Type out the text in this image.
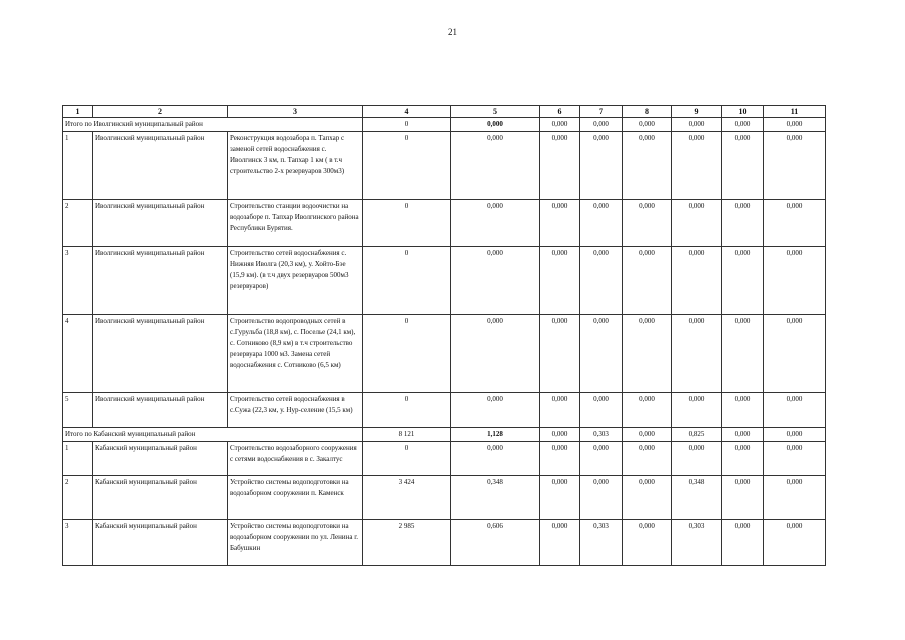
21
1	2	3	4	5	6	7	8	9	10	11
Итого по Иволгинский муниципальный район			0	0,000	0,000	0,000	0,000	0,000	0,000	0,000
1	Иволгинский муниципальный район	Реконструкция водозабора п. Тапхар с заменой сетей водоснабжения с. Иволгинск 3 км, п. Тапхар 1 км ( в т.ч строительство 2-х резервуаров 300м3)	0	0,000	0,000	0,000	0,000	0,000	0,000	0,000
2	Иволгинский муниципальный район	Строительство станции водоочистки на водозаборе п. Тапхар Иволгинского района Республики Бурятия.	0	0,000	0,000	0,000	0,000	0,000	0,000	0,000
3	Иволгинский муниципальный район	Строительство сетей водоснабжения с. Нижняя Иволга (20,3 км), у. Хойто-Бэе (15,9 км). (в т.ч двух резервуаров 500м3 резервуаров)	0	0,000	0,000	0,000	0,000	0,000	0,000	0,000
4	Иволгинский муниципальный район	Строительство водопроводных сетей в с.Гурульба (18,8 км), с. Поселье (24,1 км), с. Сотниково (8,9 км) в т.ч строительство резервуара 1000 м3. Замена сетей водоснабжения с. Сотниково (6,5 км)	0	0,000	0,000	0,000	0,000	0,000	0,000	0,000
5	Иволгинский муниципальный район	Строительство сетей водоснабжения в с.Сужа (22,3 км, у. Нур-селение (15,5 км)	0	0,000	0,000	0,000	0,000	0,000	0,000	0,000
Итого по Кабанский муниципальный район			8 121	1,128	0,000	0,303	0,000	0,825	0,000	0,000
1	Кабанский муниципальный район	Строительство водозаборного сооружения с сетями водоснабжения в с. Закалтус	0	0,000	0,000	0,000	0,000	0,000	0,000	0,000
2	Кабанский муниципальный район	Устройство системы водоподготовки на водозаборном сооружении п. Каменск	3 424	0,348	0,000	0,000	0,000	0,348	0,000	0,000
3	Кабанский муниципальный район	Устройство системы водоподготовки на водозаборном сооружении по ул. Ленина г. Бабушкин	2 985	0,606	0,000	0,303	0,000	0,303	0,000	0,000
